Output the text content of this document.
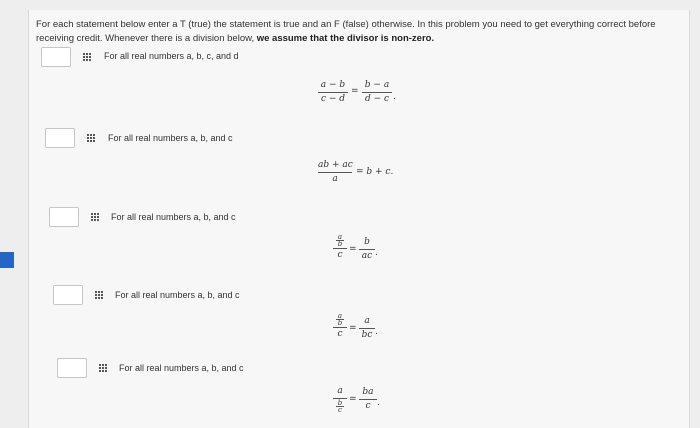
For each statement below enter a T (true) the statement is true and an F (false) otherwise. In this problem you need to get everything correct before
receiving credit. Whenever there is a division below, we assume that the divisor is non-zero.
For all real numbers a, b, c, and d
a − b
c − d
=
b − a
d − c .
For all real numbers a, b, and c
ab + ac
a
= b + c.
For all real numbers a, b, and c
a
b
c
=
b
ac .
For all real numbers a, b, and c
a
b
c
=
a
bc .
For all real numbers a, b, and c
a
b
c
=
ba
c .
